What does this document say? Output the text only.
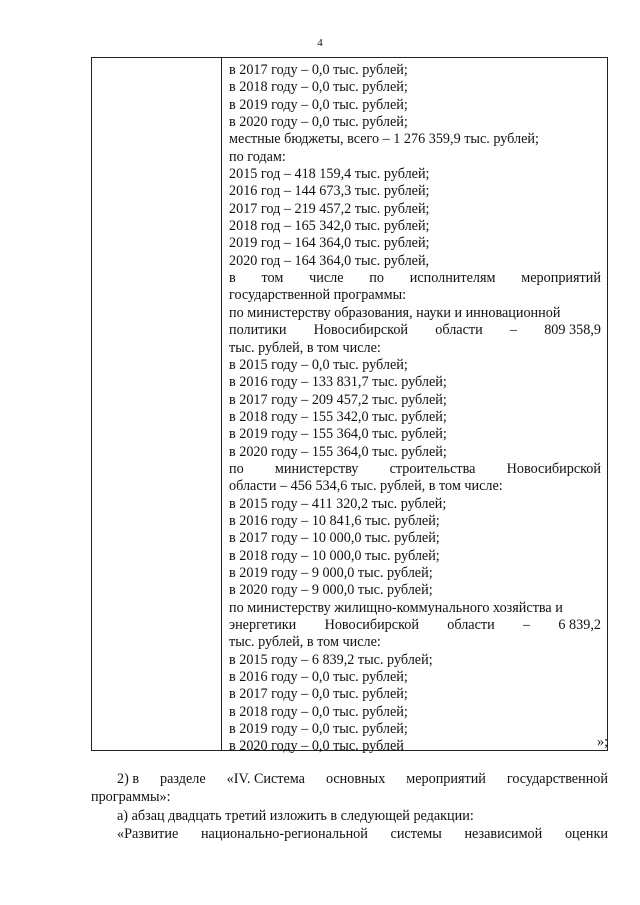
4
в 2017 году – 0,0 тыс. рублей;
в 2018 году – 0,0 тыс. рублей;
в 2019 году – 0,0 тыс. рублей;
в 2020 году – 0,0 тыс. рублей;
местные бюджеты, всего – 1 276 359,9 тыс. рублей;
по годам:
2015 год – 418 159,4 тыс. рублей;
2016 год – 144 673,3 тыс. рублей;
2017 год – 219 457,2 тыс. рублей;
2018 год – 165 342,0 тыс. рублей;
2019 год – 164 364,0 тыс. рублей;
2020 год – 164 364,0 тыс. рублей,
в том числе по исполнителям мероприятий
государственной программы:
по министерству образования, науки и инновационной
политики Новосибирской области – 809 358,9
тыс. рублей, в том числе:
в 2015 году – 0,0 тыс. рублей;
в 2016 году – 133 831,7 тыс. рублей;
в 2017 году – 209 457,2 тыс. рублей;
в 2018 году – 155 342,0 тыс. рублей;
в 2019 году – 155 364,0 тыс. рублей;
в 2020 году – 155 364,0 тыс. рублей;
по министерству строительства Новосибирской
области – 456 534,6 тыс. рублей, в том числе:
в 2015 году – 411 320,2 тыс. рублей;
в 2016 году – 10 841,6 тыс. рублей;
в 2017 году – 10 000,0 тыс. рублей;
в 2018 году – 10 000,0 тыс. рублей;
в 2019 году – 9 000,0 тыс. рублей;
в 2020 году – 9 000,0 тыс. рублей;
по министерству жилищно-коммунального хозяйства и
энергетики Новосибирской области – 6 839,2
тыс. рублей, в том числе:
в 2015 году – 6 839,2 тыс. рублей;
в 2016 году – 0,0 тыс. рублей;
в 2017 году – 0,0 тыс. рублей;
в 2018 году – 0,0 тыс. рублей;
в 2019 году – 0,0 тыс. рублей;
в 2020 году – 0,0 тыс. рублей	»;
2) в разделе «IV. Система основных мероприятий государственной
программы»:
а) абзац двадцать третий изложить в следующей редакции:
«Развитие национально-региональной системы независимой оценки
